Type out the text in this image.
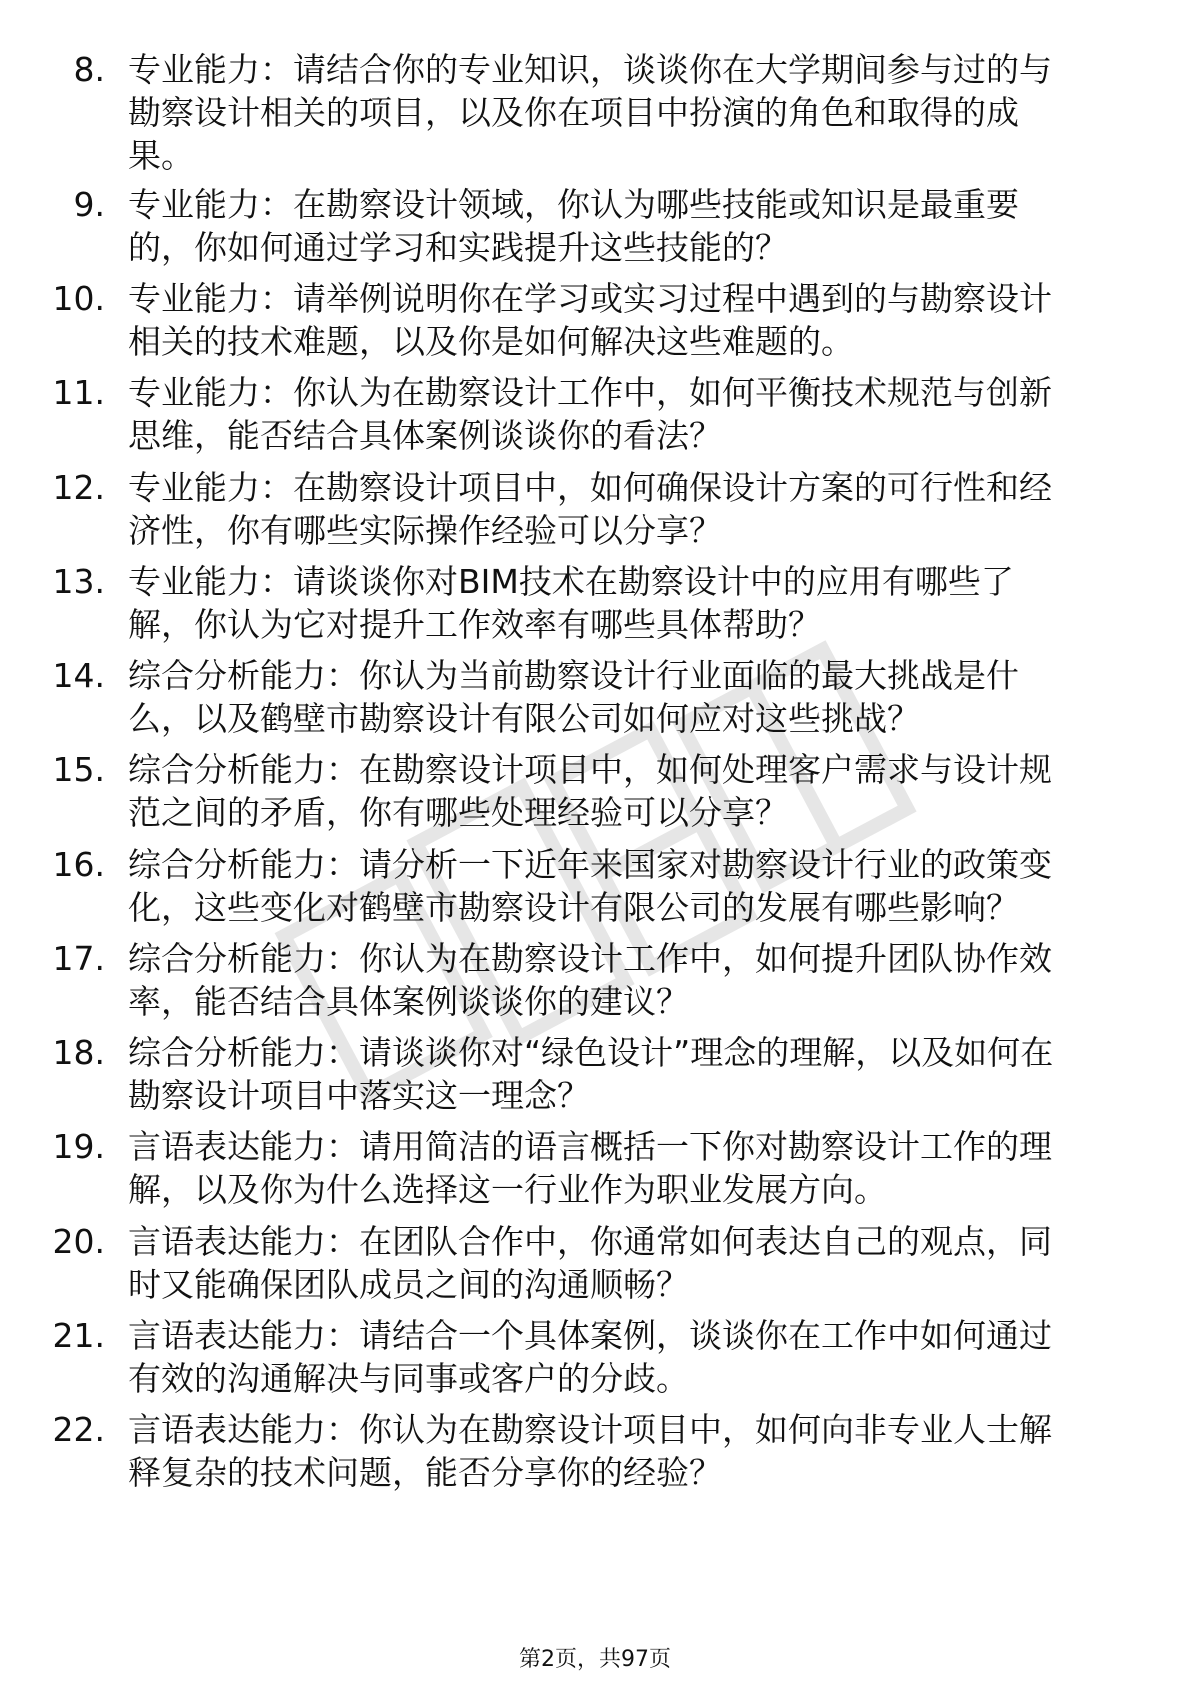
8. 专业能力：请结合你的专业知识，谈谈你在大学期间参与过的与
勘察设计相关的项目，以及你在项目中扮演的角色和取得的成
果。
9. 专业能力：在勘察设计领域，你认为哪些技能或知识是最重要
的，你如何通过学习和实践提升这些技能的？
10. 专业能力：请举例说明你在学习或实习过程中遇到的与勘察设计
相关的技术难题，以及你是如何解决这些难题的。
11. 专业能力：你认为在勘察设计工作中，如何平衡技术规范与创新
思维，能否结合具体案例谈谈你的看法？
12. 专业能力：在勘察设计项目中，如何确保设计方案的可行性和经
济性，你有哪些实际操作经验可以分享？
13. 专业能力：请谈谈你对BIM技术在勘察设计中的应用有哪些了
解，你认为它对提升工作效率有哪些具体帮助？
14. 综合分析能力：你认为当前勘察设计行业面临的最大挑战是什
么，以及鹤壁市勘察设计有限公司如何应对这些挑战？
15. 综合分析能力：在勘察设计项目中，如何处理客户需求与设计规
范之间的矛盾，你有哪些处理经验可以分享？
16. 综合分析能力：请分析一下近年来国家对勘察设计行业的政策变
化，这些变化对鹤壁市勘察设计有限公司的发展有哪些影响？
17. 综合分析能力：你认为在勘察设计工作中，如何提升团队协作效
率，能否结合具体案例谈谈你的建议？
18. 综合分析能力：请谈谈你对“绿色设计”理念的理解，以及如何在
勘察设计项目中落实这一理念？
19. 言语表达能力：请用简洁的语言概括一下你对勘察设计工作的理
解，以及你为什么选择这一行业作为职业发展方向。
20. 言语表达能力：在团队合作中，你通常如何表达自己的观点，同
时又能确保团队成员之间的沟通顺畅？
21. 言语表达能力：请结合一个具体案例，谈谈你在工作中如何通过
有效的沟通解决与同事或客户的分歧。
22. 言语表达能力：你认为在勘察设计项目中，如何向非专业人士解
释复杂的技术问题，能否分享你的经验？
第2页，共97页
